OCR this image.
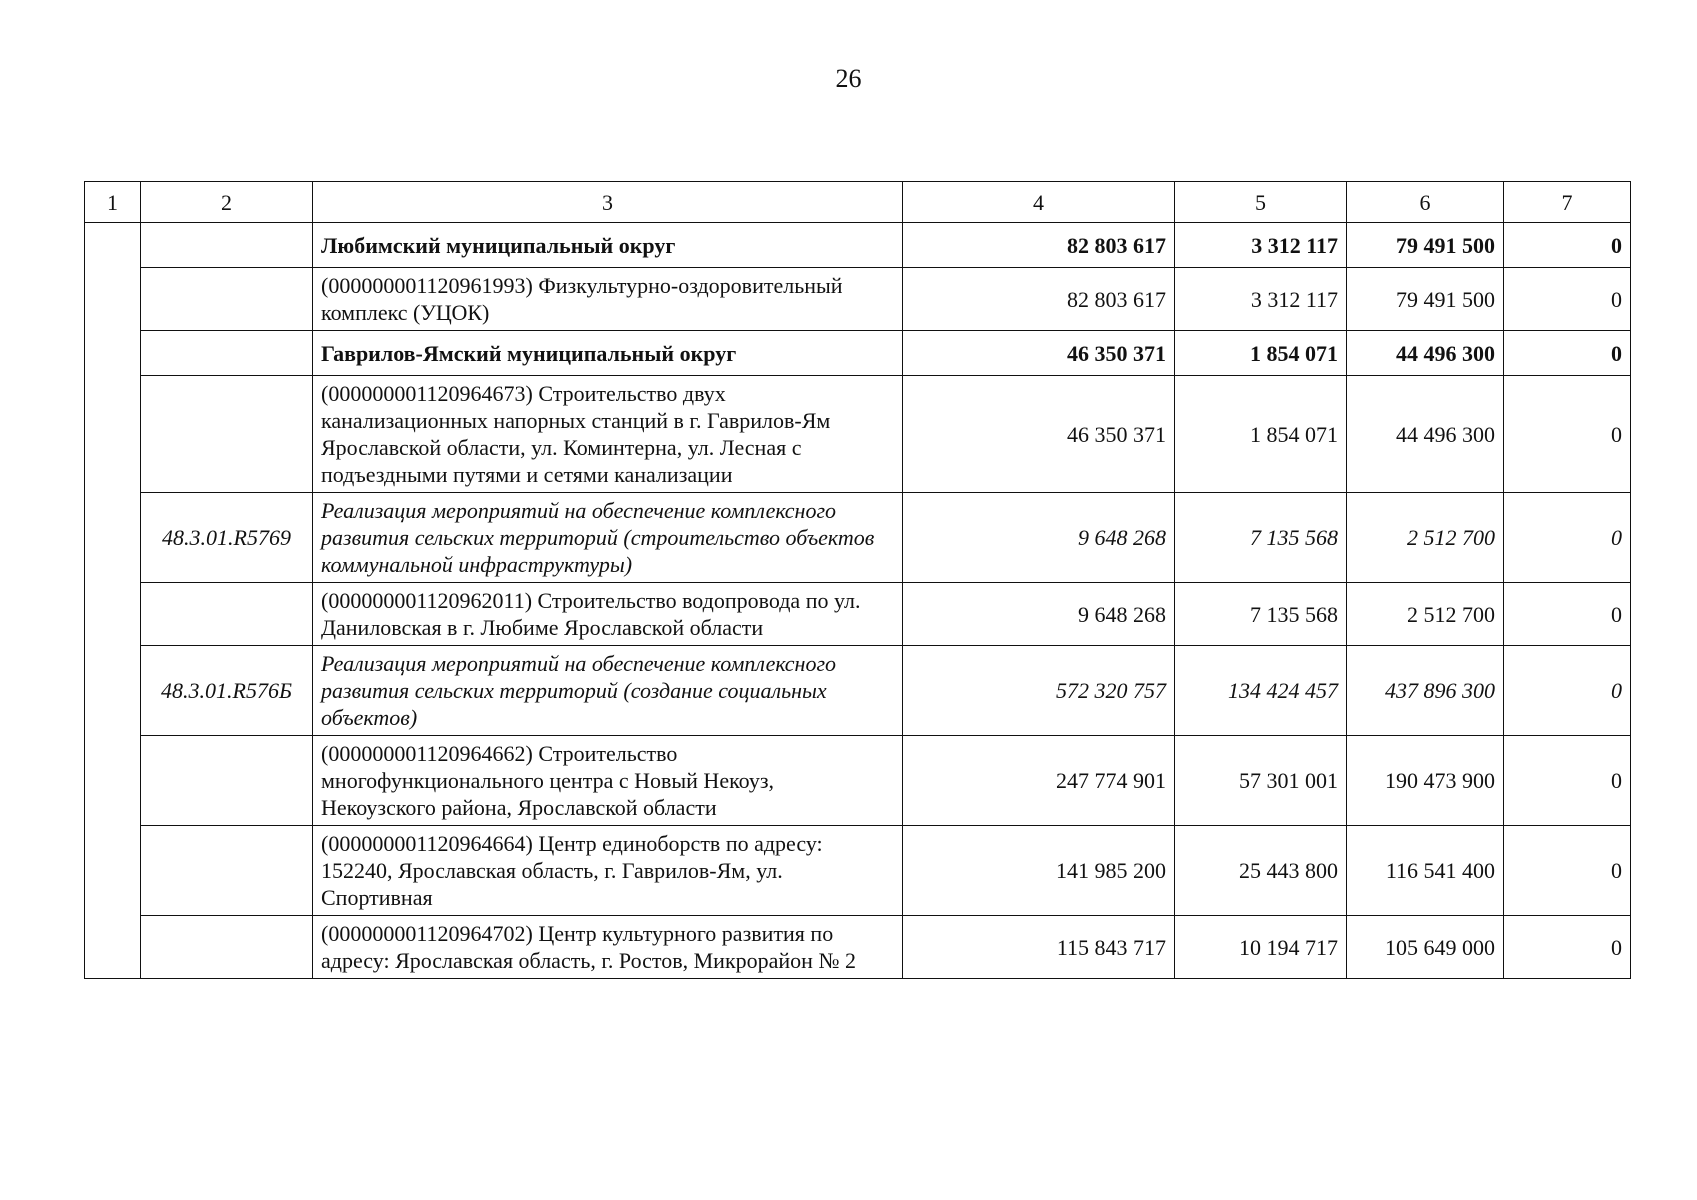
26
1	2	3	4	5	6	7
		Любимский муниципальный округ	82 803 617	3 312 117	79 491 500	0
		(000000001120961993) Физкультурно-оздоровительный комплекс (УЦОК)	82 803 617	3 312 117	79 491 500	0
		Гаврилов-Ямский муниципальный округ	46 350 371	1 854 071	44 496 300	0
		(000000001120964673) Строительство двух канализационных напорных станций в г. Гаврилов-Ям Ярославской области, ул. Коминтерна, ул. Лесная с подъездными путями и сетями канализации	46 350 371	1 854 071	44 496 300	0
	48.3.01.R5769	Реализация мероприятий на обеспечение комплексного развития сельских территорий (строительство объектов коммунальной инфраструктуры)	9 648 268	7 135 568	2 512 700	0
		(000000001120962011) Строительство водопровода по ул. Даниловская в г. Любиме Ярославской области	9 648 268	7 135 568	2 512 700	0
	48.3.01.R576Б	Реализация мероприятий на обеспечение комплексного развития сельских территорий (создание социальных объектов)	572 320 757	134 424 457	437 896 300	0
		(000000001120964662) Строительство многофункционального центра с Новый Некоуз, Некоузского района, Ярославской области	247 774 901	57 301 001	190 473 900	0
		(000000001120964664) Центр единоборств по адресу: 152240, Ярославская область, г. Гаврилов-Ям, ул. Спортивная	141 985 200	25 443 800	116 541 400	0
		(000000001120964702) Центр культурного развития по адресу: Ярославская область, г. Ростов, Микрорайон № 2	115 843 717	10 194 717	105 649 000	0
